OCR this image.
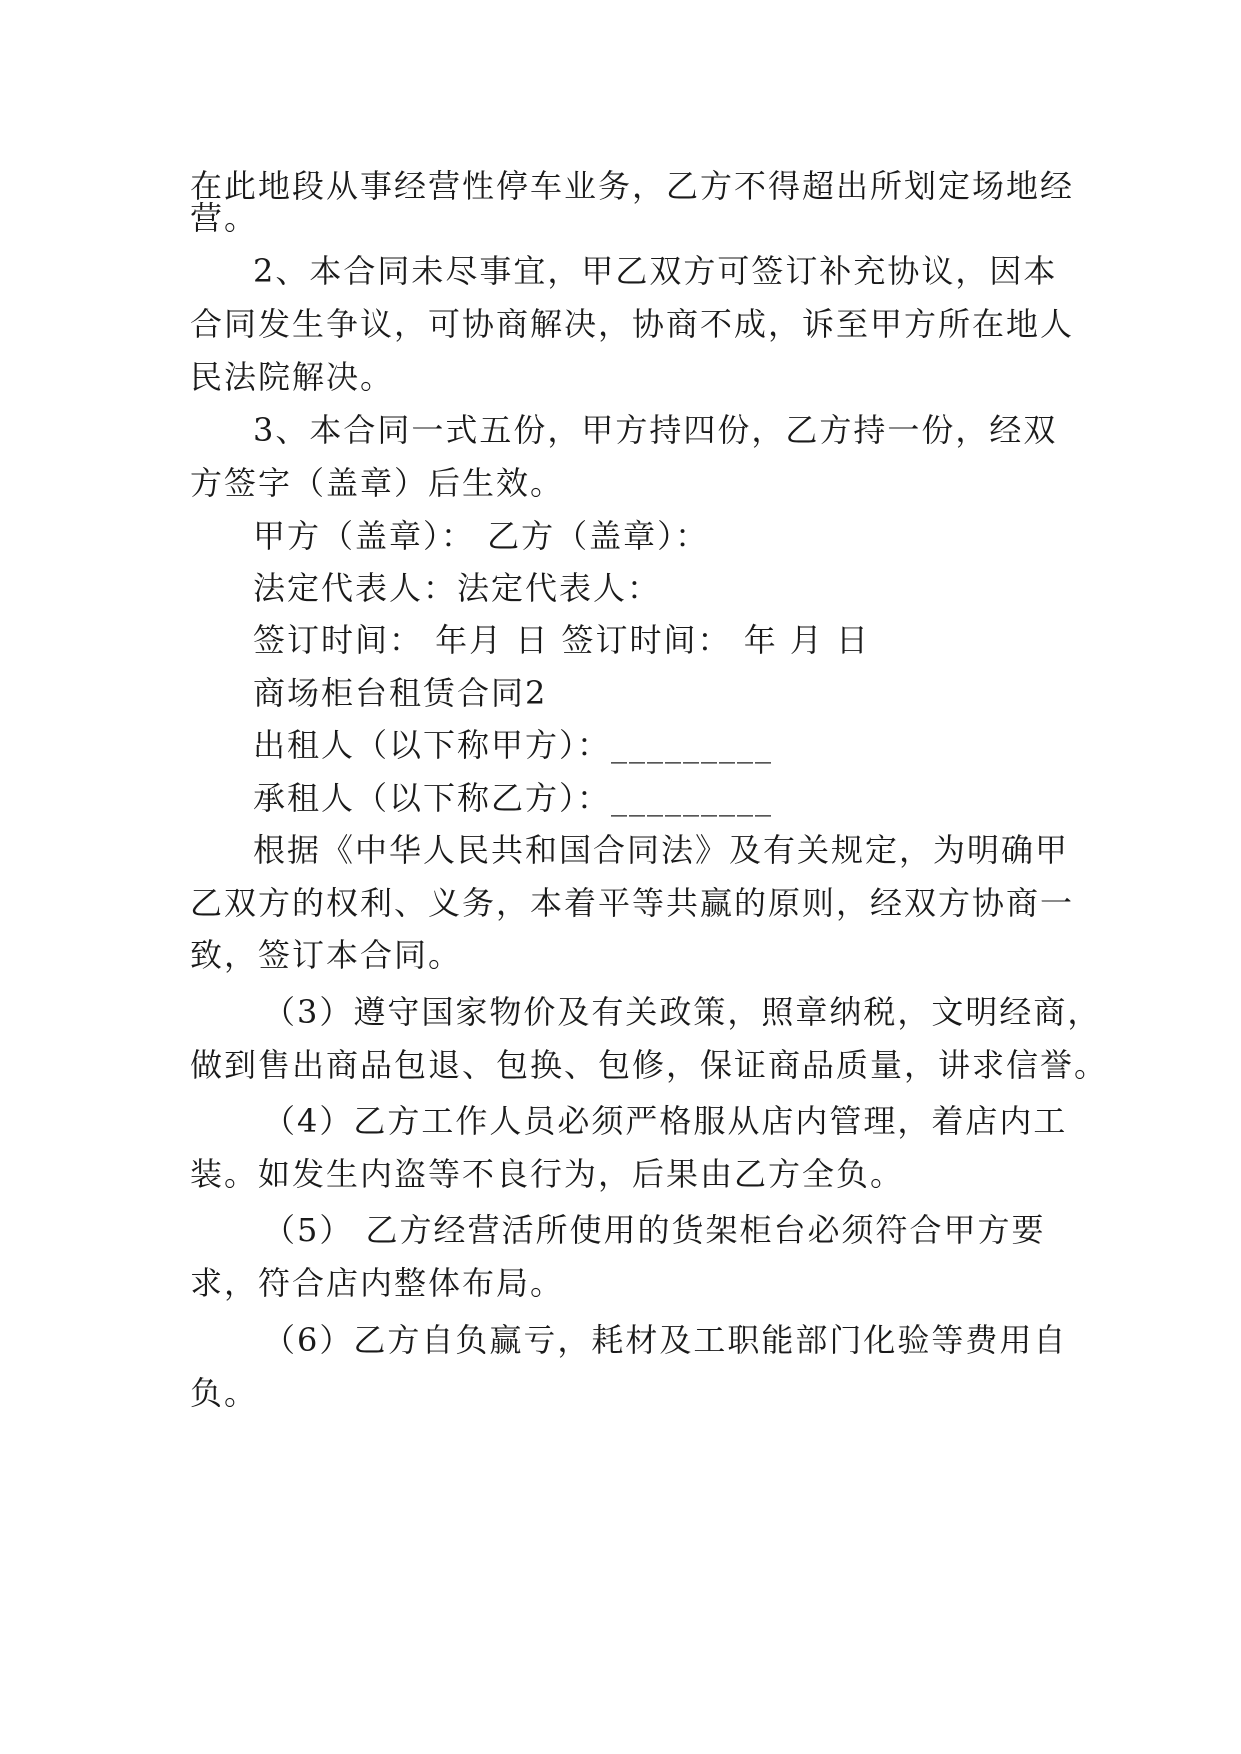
在此地段从事经营性停车业务，乙方不得超出所划定场地经
营。
2、本合同未尽事宜，甲乙双方可签订补充协议，因本
合同发生争议，可协商解决，协商不成，诉至甲方所在地人
民法院解决。
3、本合同一式五份，甲方持四份，乙方持一份，经双
方签字（盖章）后生效。
甲方（盖章）： 乙方（盖章）：
法定代表人：法定代表人：
签订时间： 年月 日 签订时间： 年 月 日
商场柜台租赁合同2
出租人（以下称甲方）：_________
承租人（以下称乙方）：_________
根据《中华人民共和国合同法》及有关规定，为明确甲
乙双方的权利、义务，本着平等共赢的原则，经双方协商一
致，签订本合同。
（3）遵守国家物价及有关政策，照章纳税，文明经商，
做到售出商品包退、包换、包修，保证商品质量，讲求信誉。
（4）乙方工作人员必须严格服从店内管理，着店内工
装。如发生内盗等不良行为，后果由乙方全负。
（5） 乙方经营活所使用的货架柜台必须符合甲方要
求，符合店内整体布局。
（6）乙方自负赢亏，耗材及工职能部门化验等费用自
负。
